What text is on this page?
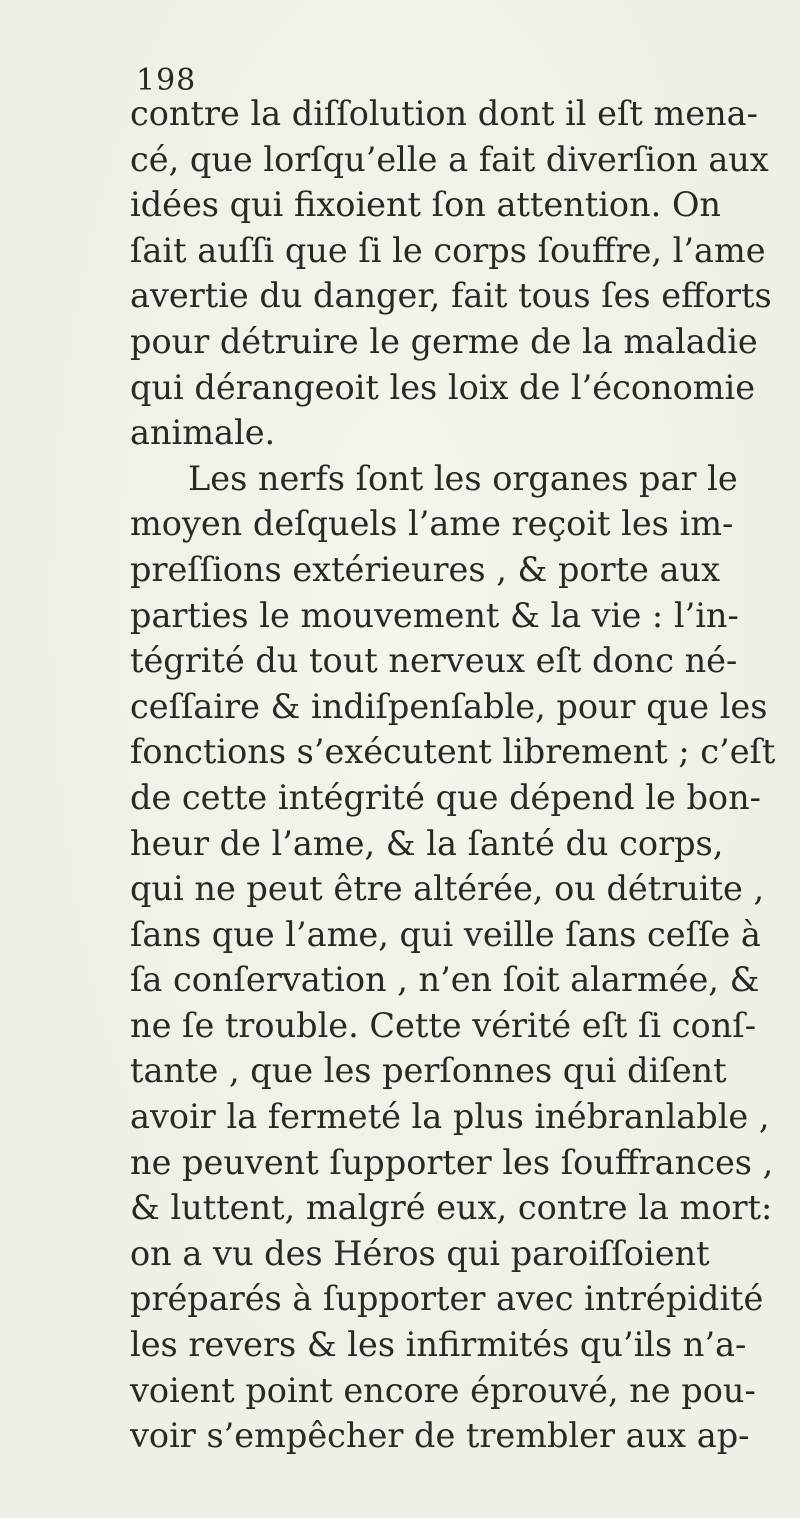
198
contre la diſſolution dont il eſt mena-
cé, que lorſqu’elle a fait diverſion aux
idées qui fixoient ſon attention. On
ſait auſſi que ſi le corps ſouffre, l’ame
avertie du danger, fait tous ſes efforts
pour détruire le germe de la maladie
qui dérangeoit les loix de l’économie
animale.
Les nerfs ſont les organes par le
moyen deſquels l’ame reçoit les im-
preſſions extérieures , & porte aux
parties le mouvement & la vie : l’in-
tégrité du tout nerveux eſt donc né-
ceſſaire & indiſpenſable, pour que les
fonctions s’exécutent librement ; c’eſt
de cette intégrité que dépend le bon-
heur de l’ame, & la ſanté du corps,
qui ne peut être altérée, ou détruite ,
ſans que l’ame, qui veille ſans ceſſe à
ſa conſervation , n’en ſoit alarmée, &
ne ſe trouble. Cette vérité eſt ſi conſ-
tante , que les perſonnes qui diſent
avoir la fermeté la plus inébranlable ,
ne peuvent ſupporter les ſouffrances ,
& luttent, malgré eux, contre la mort:
on a vu des Héros qui paroiſſoient
préparés à ſupporter avec intrépidité
les revers & les infirmités qu’ils n’a-
voient point encore éprouvé, ne pou-
voir s’empêcher de trembler aux ap-
